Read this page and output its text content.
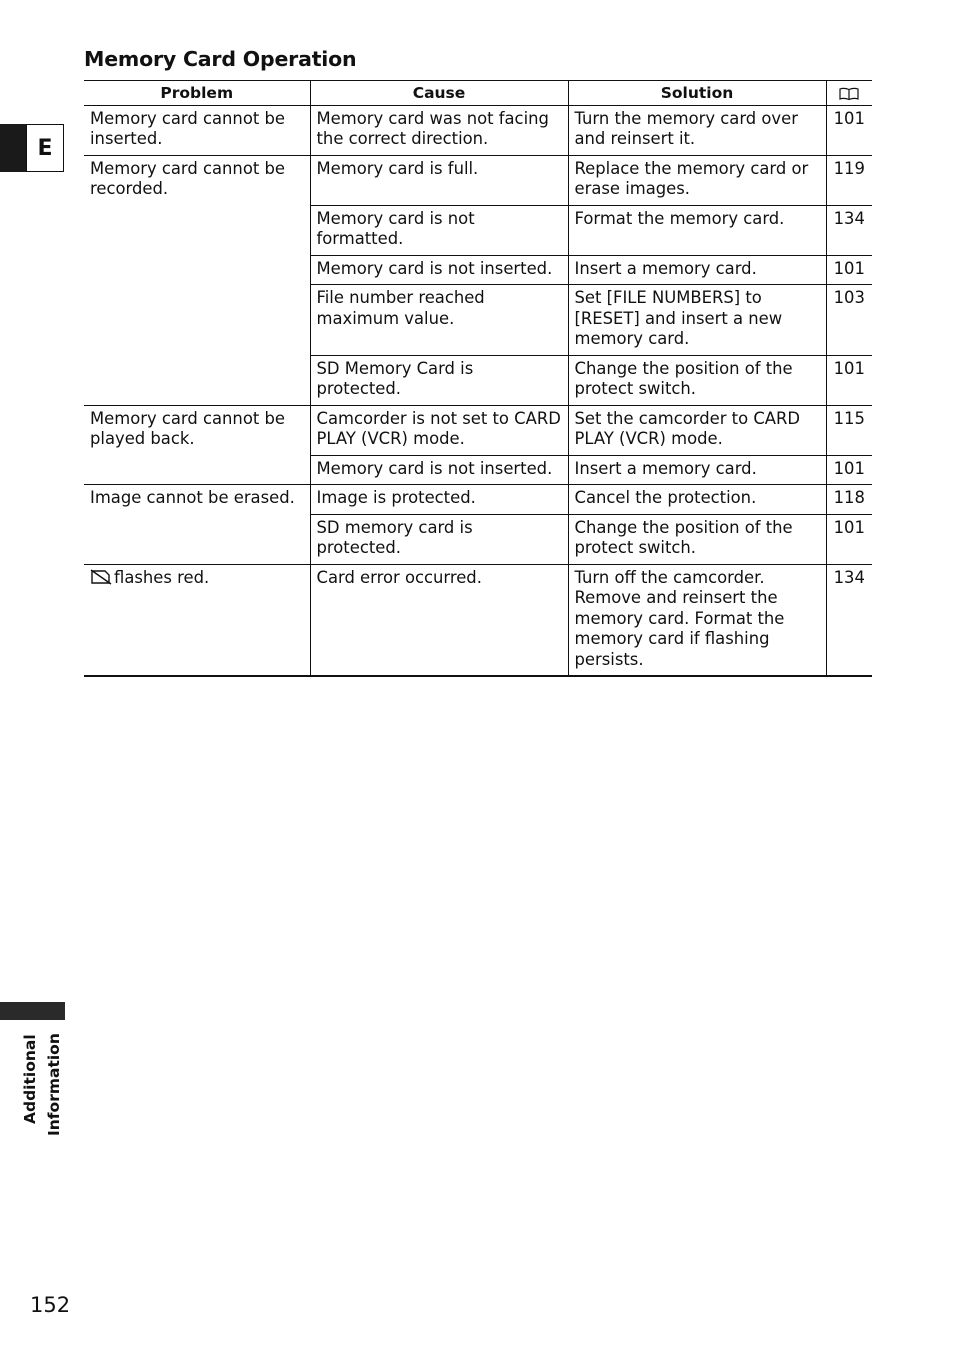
Memory Card Operation
E
Problem	Cause	Solution	
Memory card cannot be inserted.	Memory card was not facing the correct direction.	Turn the memory card over and reinsert it.	101
Memory card cannot be recorded.	Memory card is full.	Replace the memory card or erase images.	119
	Memory card is not formatted.	Format the memory card.	134
	Memory card is not inserted.	Insert a memory card.	101
	File number reached maximum value.	Set [FILE NUMBERS] to [RESET] and insert a new memory card.	103
	SD Memory Card is protected.	Change the position of the protect switch.	101
Memory card cannot be played back.	Camcorder is not set to CARD PLAY (VCR) mode.	Set the camcorder to CARD PLAY (VCR) mode.	115
	Memory card is not inserted.	Insert a memory card.	101
Image cannot be erased.	Image is protected.	Cancel the protection.	118
	SD memory card is protected.	Change the position of the protect switch.	101
flashes red.	Card error occurred.	Turn off the camcorder. Remove and reinsert the memory card. Format the memory card if flashing persists.	134
Additional Information
152
